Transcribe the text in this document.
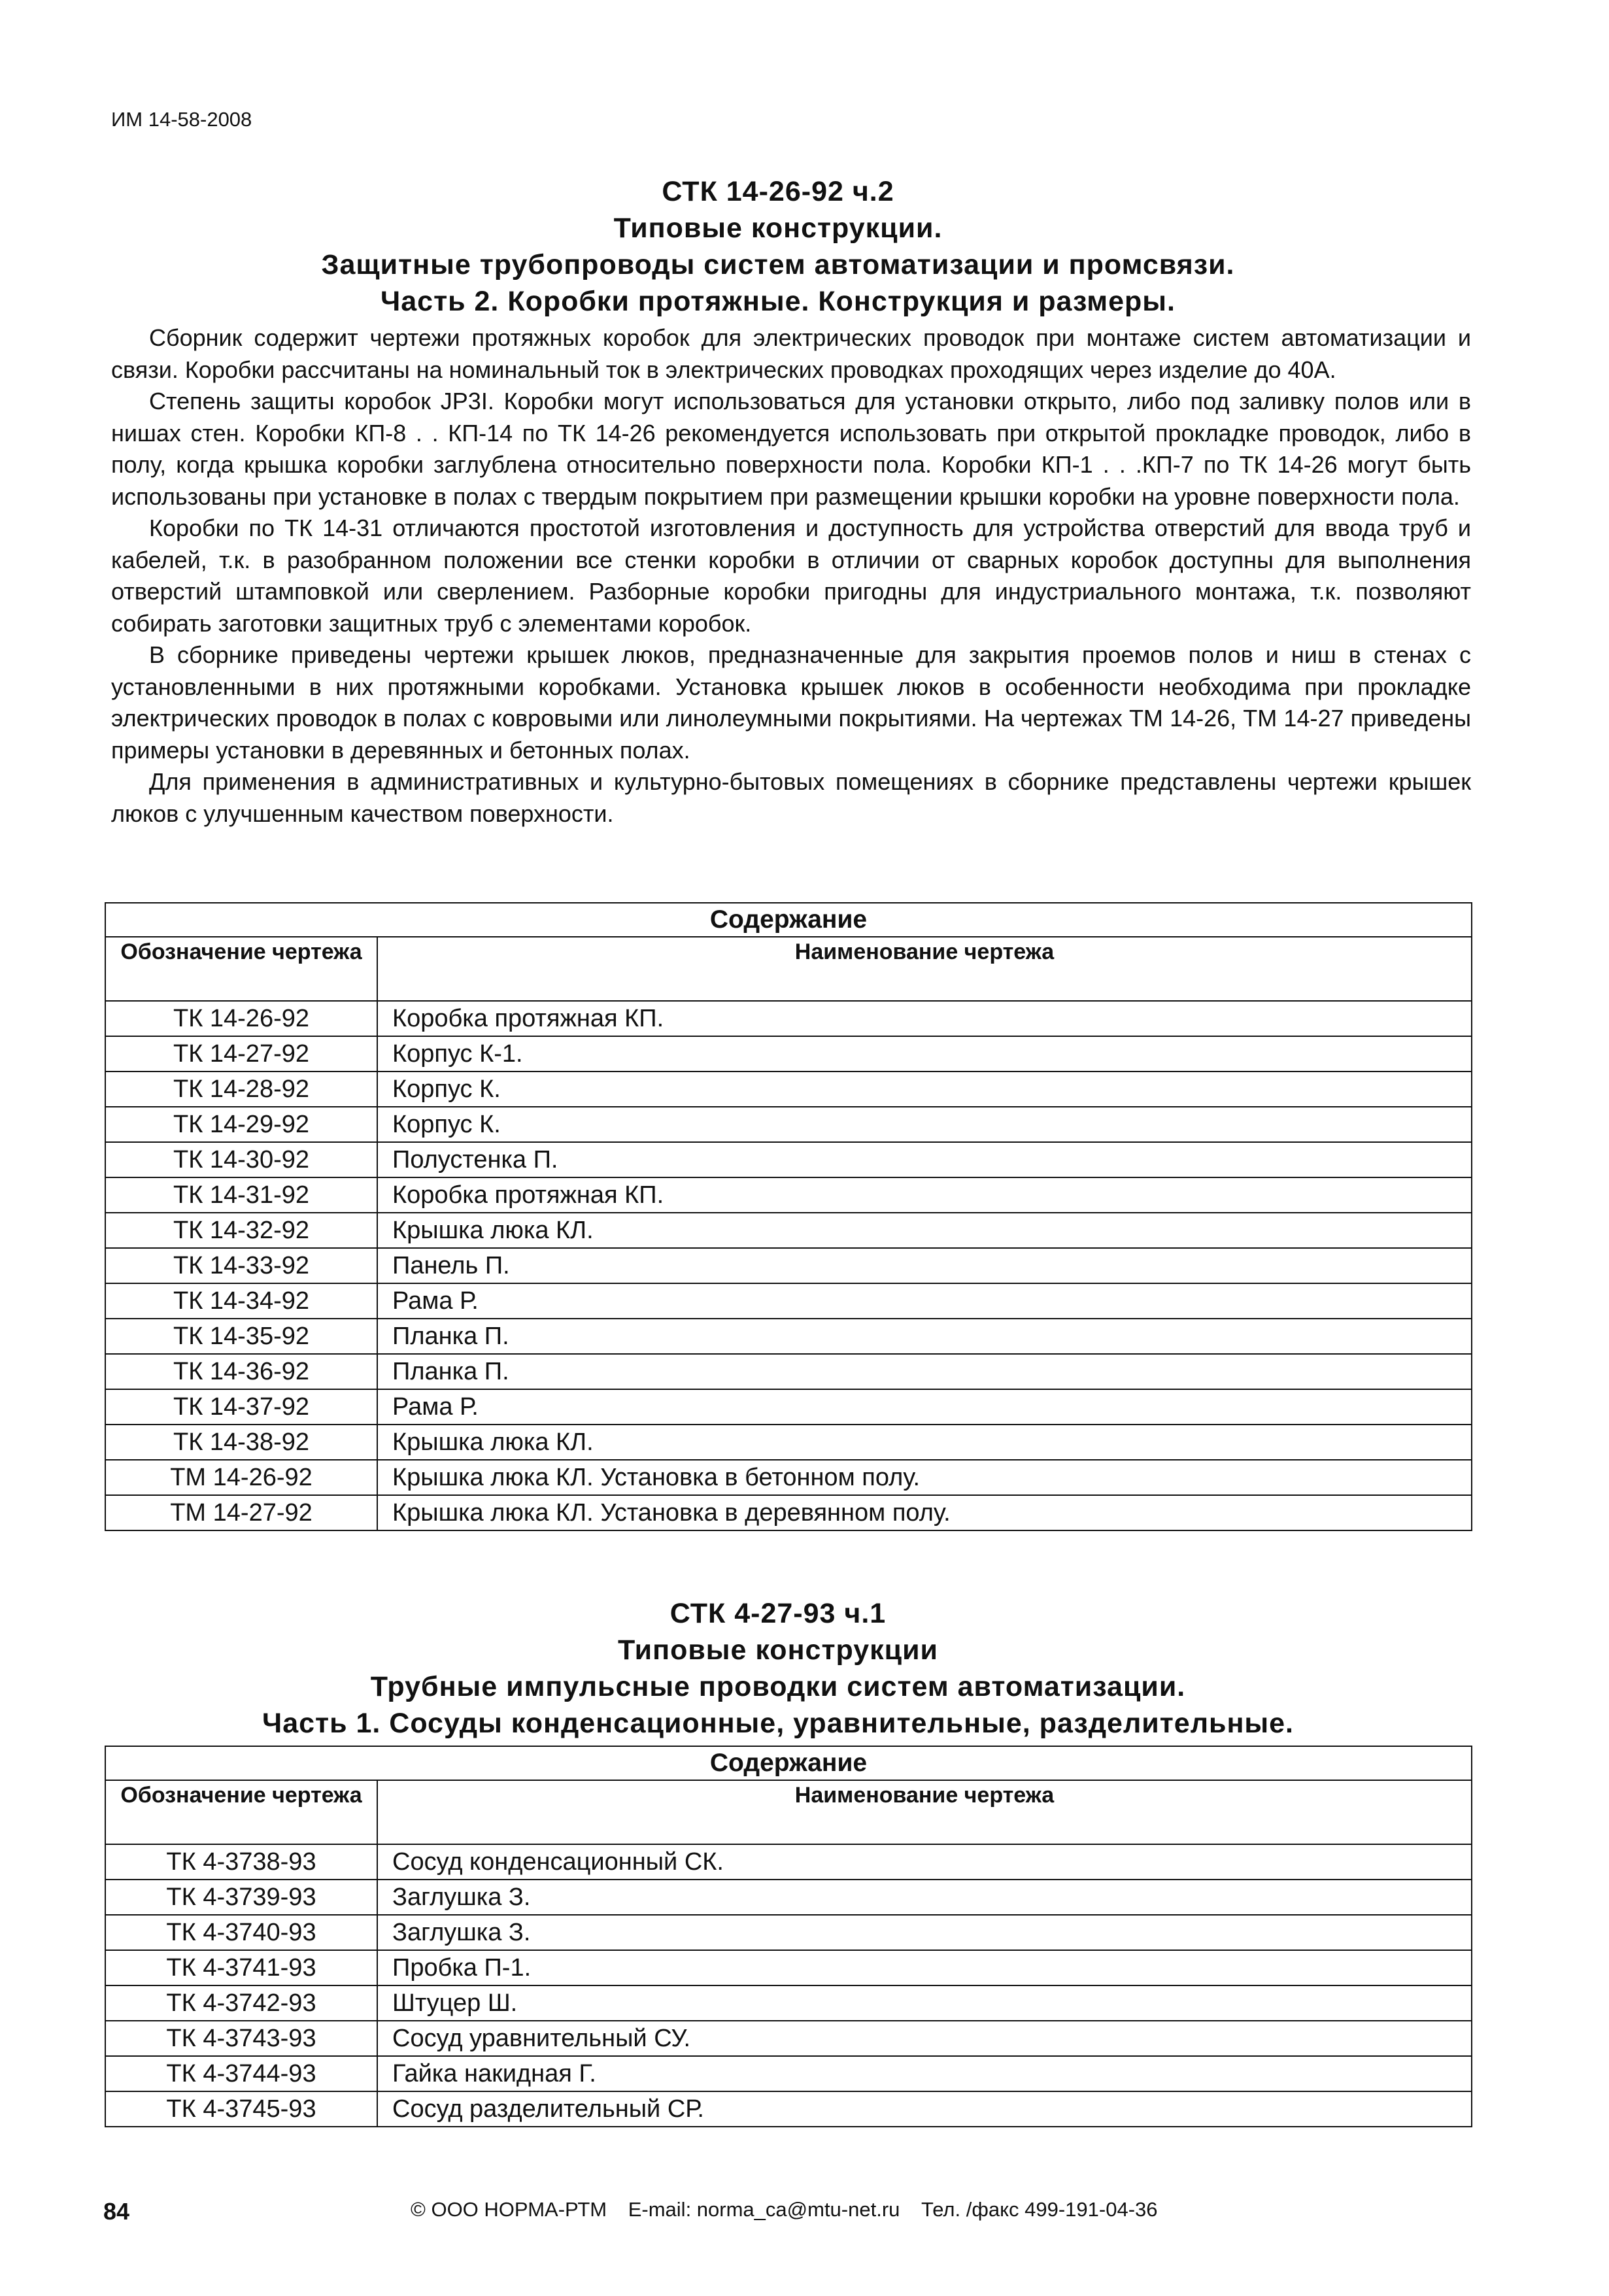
ИМ 14-58-2008
СТК 14-26-92 ч.2
Типовые конструкции.
Защитные трубопроводы систем автоматизации и промсвязи.
Часть 2. Коробки протяжные. Конструкция и размеры.

Сборник содержит чертежи протяжных коробок для электрических проводок при монтаже систем автоматизации и связи. Коробки рассчитаны на номинальный ток в электрических проводках проходящих через изделие до 40А.

Степень защиты коробок JP3I. Коробки могут использоваться для установки открыто, либо под заливку полов или в нишах стен. Коробки КП-8 . . КП-14 по ТК 14-26 рекомендуется использовать при открытой прокладке проводок, либо в полу, когда крышка коробки заглублена относительно поверхности пола. Коробки КП-1 . . .КП-7 по ТК 14-26 могут быть использованы при установке в полах с твердым покрытием при размещении крышки коробки на уровне поверхности пола.

Коробки по ТК 14-31 отличаются простотой изготовления и доступность для устройства отверстий для ввода труб и кабелей, т.к. в разобранном положении все стенки коробки в отличии от сварных коробок доступны для выполнения отверстий штамповкой или сверлением. Разборные коробки пригодны для индустриального монтажа, т.к. позволяют собирать заготовки защитных труб с элементами коробок.

В сборнике приведены чертежи крышек люков, предназначенные для закрытия проемов полов и ниш в стенах с установленными в них протяжными коробками. Установка крышек люков в особенности необходима при прокладке электрических проводок в полах с ковровыми или линолеумными покрытиями. На чертежах ТМ 14-26, ТМ 14-27 приведены примеры установки в деревянных и бетонных полах.

Для применения в административных и культурно-бытовых помещениях в сборнике представлены чертежи крышек люков с улучшенным качеством поверхности.

Содержание	
Обозначение чертежа	Наименование чертежа
ТК 14-26-92	Коробка протяжная КП.
ТК 14-27-92	Корпус К-1.
ТК 14-28-92	Корпус К.
ТК 14-29-92	Корпус К.
ТК 14-30-92	Полустенка П.
ТК 14-31-92	Коробка протяжная КП.
ТК 14-32-92	Крышка люка КЛ.
ТК 14-33-92	Панель П.
ТК 14-34-92	Рама Р.
ТК 14-35-92	Планка П.
ТК 14-36-92	Планка П.
ТК 14-37-92	Рама Р.
ТК 14-38-92	Крышка люка КЛ.
ТМ 14-26-92	Крышка люка КЛ. Установка в бетонном полу.
ТМ 14-27-92	Крышка люка КЛ. Установка в деревянном полу.
СТК 4-27-93 ч.1
Типовые конструкции
Трубные импульсные проводки систем автоматизации.
Часть 1. Сосуды конденсационные, уравнительные, разделительные.
Содержание	
Обозначение чертежа	Наименование чертежа
ТК 4-3738-93	Сосуд конденсационный СК.
ТК 4-3739-93	Заглушка З.
ТК 4-3740-93	Заглушка З.
ТК 4-3741-93	Пробка П-1.
ТК 4-3742-93	Штуцер Ш.
ТК 4-3743-93	Сосуд уравнительный СУ.
ТК 4-3744-93	Гайка накидная Г.
ТК 4-3745-93	Сосуд разделительный СР.
84	© ООО НОРМА-РТМ E-mail: norma_ca@mtu-net.ru Тел. /факс 499-191-04-36
